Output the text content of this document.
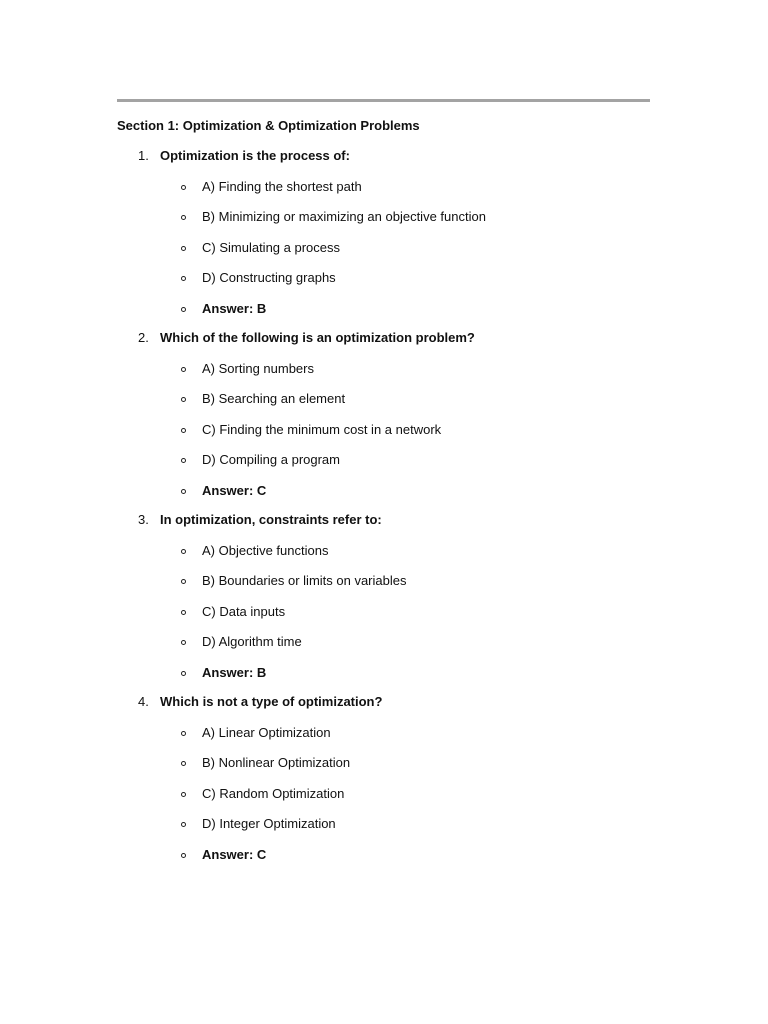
Section 1: Optimization & Optimization Problems
1. Optimization is the process of:
A) Finding the shortest path
B) Minimizing or maximizing an objective function
C) Simulating a process
D) Constructing graphs
Answer: B
2. Which of the following is an optimization problem?
A) Sorting numbers
B) Searching an element
C) Finding the minimum cost in a network
D) Compiling a program
Answer: C
3. In optimization, constraints refer to:
A) Objective functions
B) Boundaries or limits on variables
C) Data inputs
D) Algorithm time
Answer: B
4. Which is not a type of optimization?
A) Linear Optimization
B) Nonlinear Optimization
C) Random Optimization
D) Integer Optimization
Answer: C
